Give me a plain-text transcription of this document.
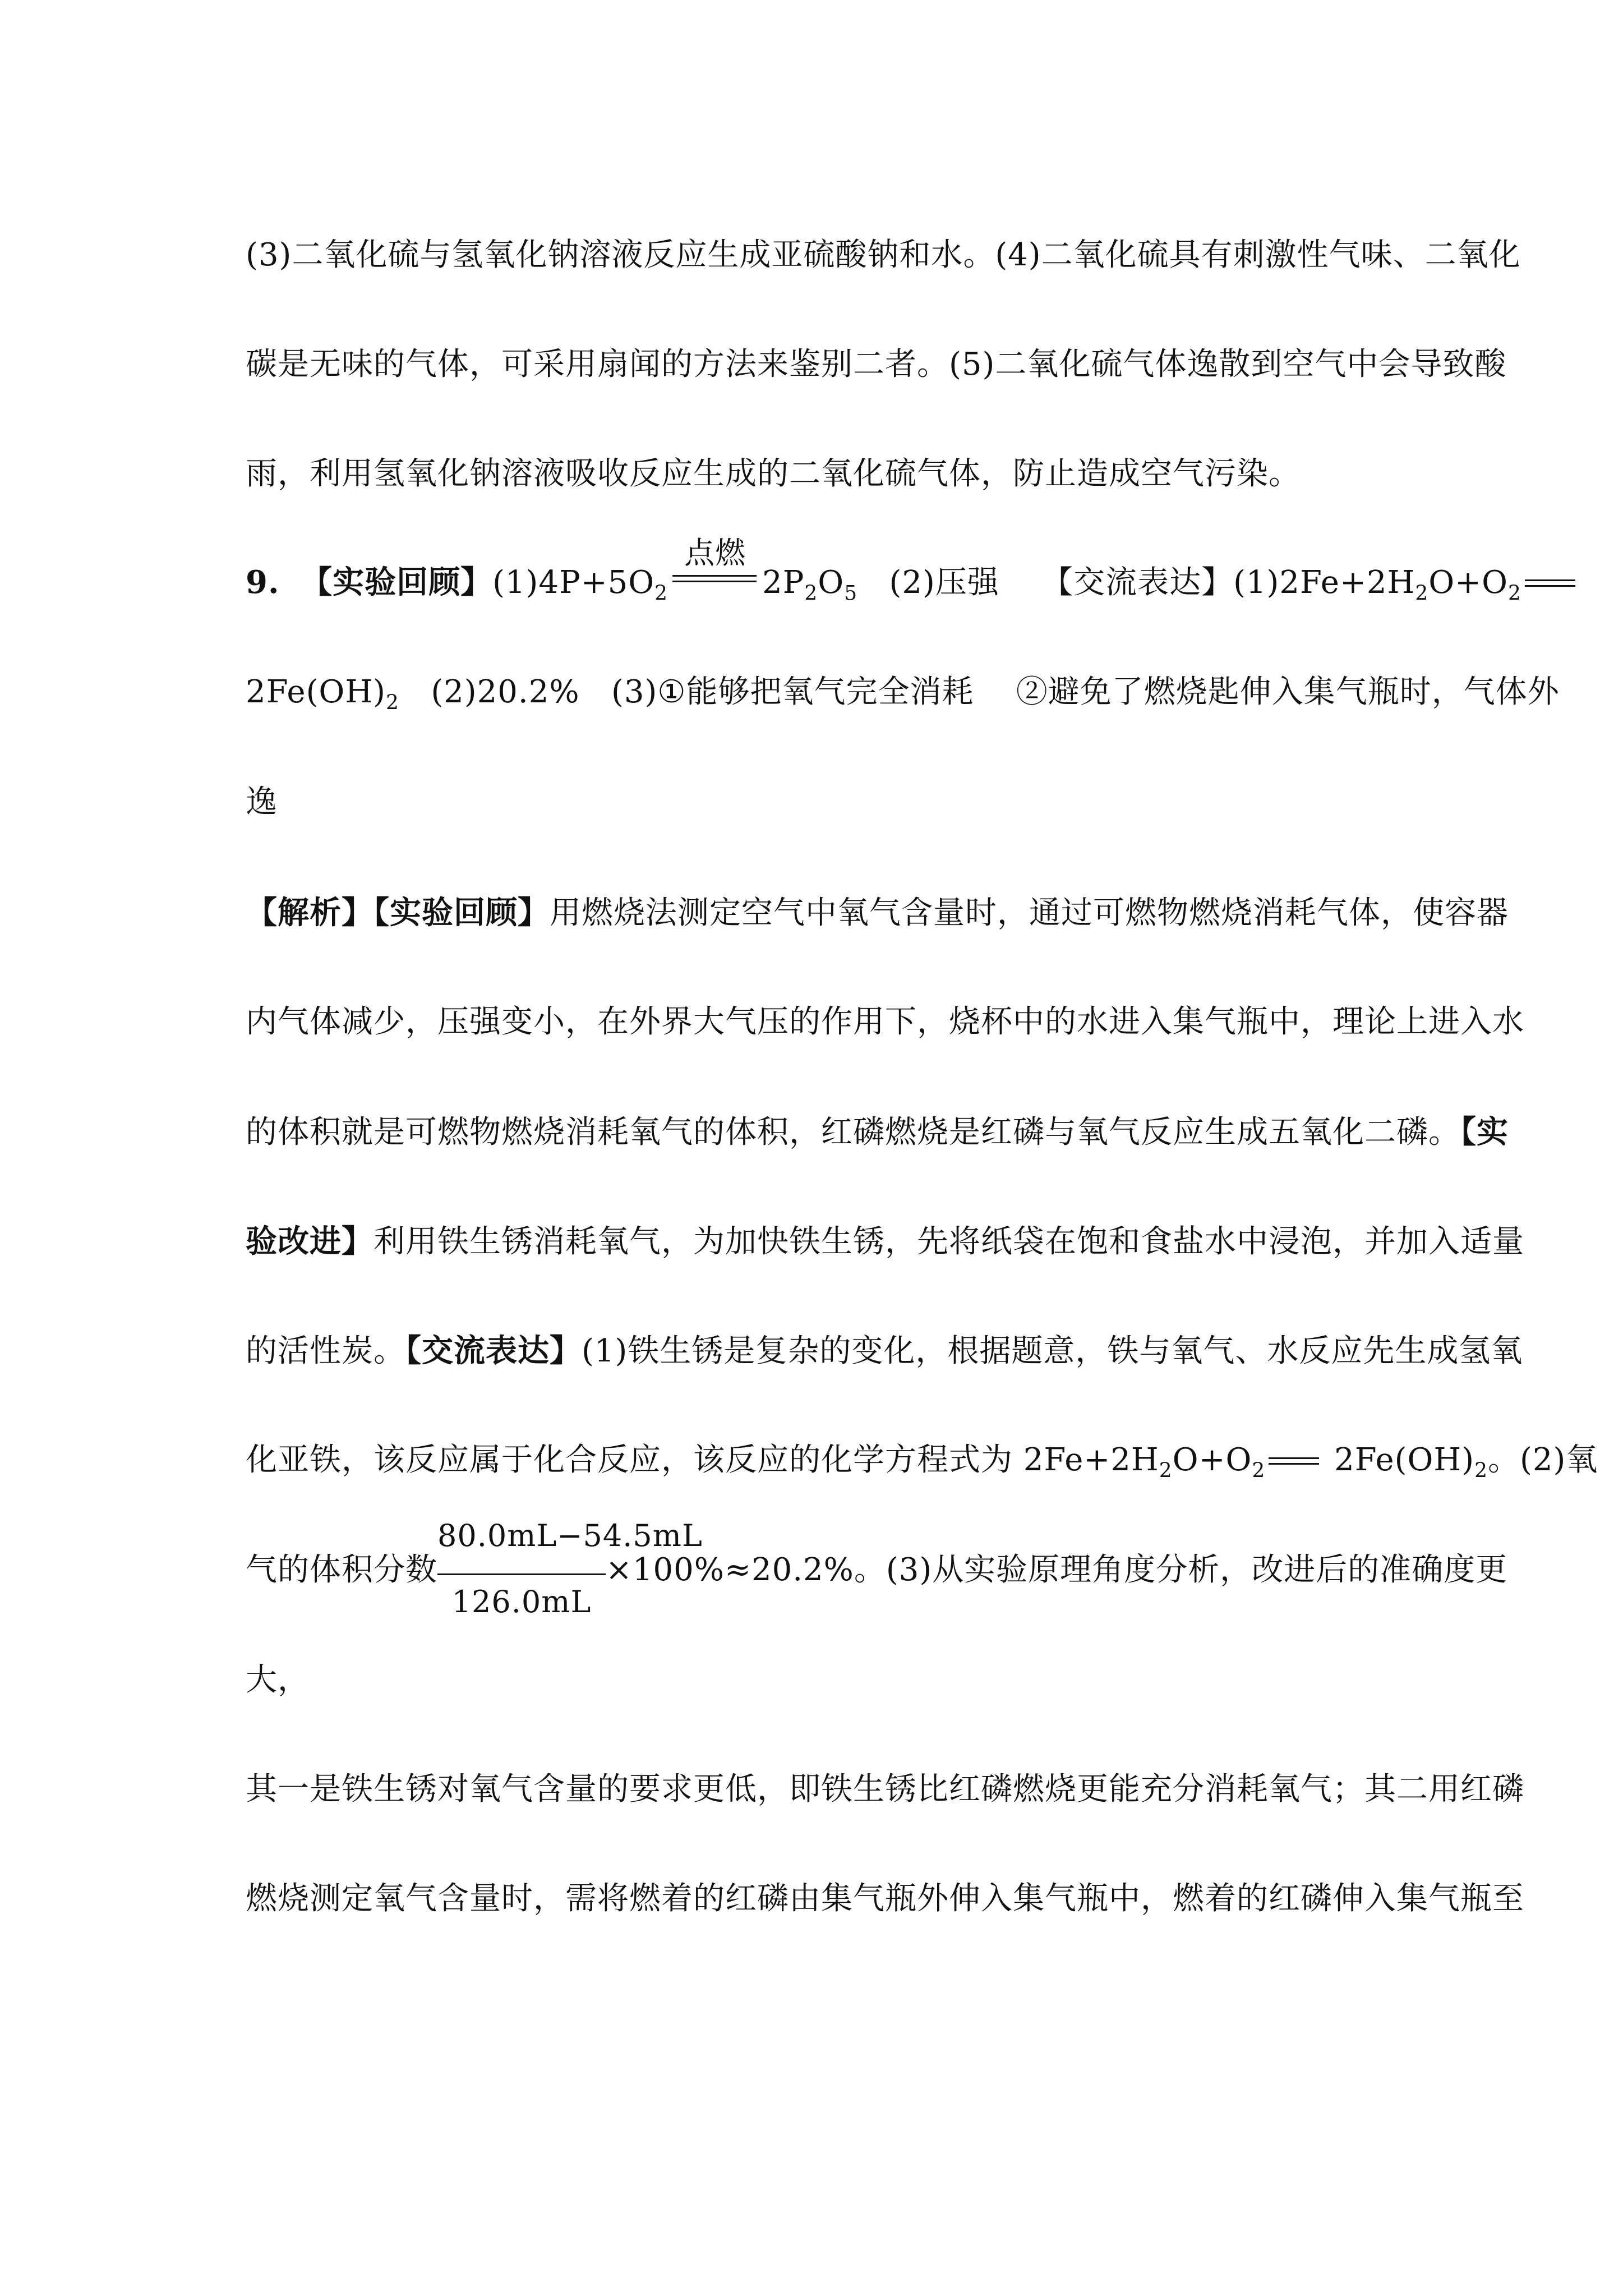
(3)二氧化硫与氢氧化钠溶液反应生成亚硫酸钠和水。(4)二氧化硫具有刺激性气味、二氧化
碳是无味的气体，可采用扇闻的方法来鉴别二者。(5)二氧化硫气体逸散到空气中会导致酸
雨，利用氢氧化钠溶液吸收反应生成的二氧化硫气体，防止造成空气污染。
9. 【实验回顾】$(1)4P+5O_2$
点燃
$2P_2O_5$ (2)压强 【交流表达】$(1)2Fe+2H_2O+O_2$
$2Fe(OH)_2$ (2)20.2% (3)①能够把氧气完全消耗 ②避免了燃烧匙伸入集气瓶时，气体外
逸
【解析】【实验回顾】用燃烧法测定空气中氧气含量时，通过可燃物燃烧消耗气体，使容器
内气体减少，压强变小，在外界大气压的作用下，烧杯中的水进入集气瓶中，理论上进入水
的体积就是可燃物燃烧消耗氧气的体积，红磷燃烧是红磷与氧气反应生成五氧化二磷。【实
验改进】利用铁生锈消耗氧气，为加快铁生锈，先将纸袋在饱和食盐水中浸泡，并加入适量
的活性炭。【交流表达】(1)铁生锈是复杂的变化，根据题意，铁与氧气、水反应先生成氢氧
化亚铁，该反应属于化合反应，该反应的化学方程式为 $2Fe+2H_2O+O_2$
$2Fe(OH)_2$。(2)氧
气的体积分数 $\frac{80.0mL-54.5mL}{126.0mL} \times 100\%\approx 20.2\%$。(3)从实验原理角度分析，改进后的准确度更
大，
其一是铁生锈对氧气含量的要求更低，即铁生锈比红磷燃烧更能充分消耗氧气；其二用红磷
燃烧测定氧气含量时，需将燃着的红磷由集气瓶外伸入集气瓶中，燃着的红磷伸入集气瓶至
